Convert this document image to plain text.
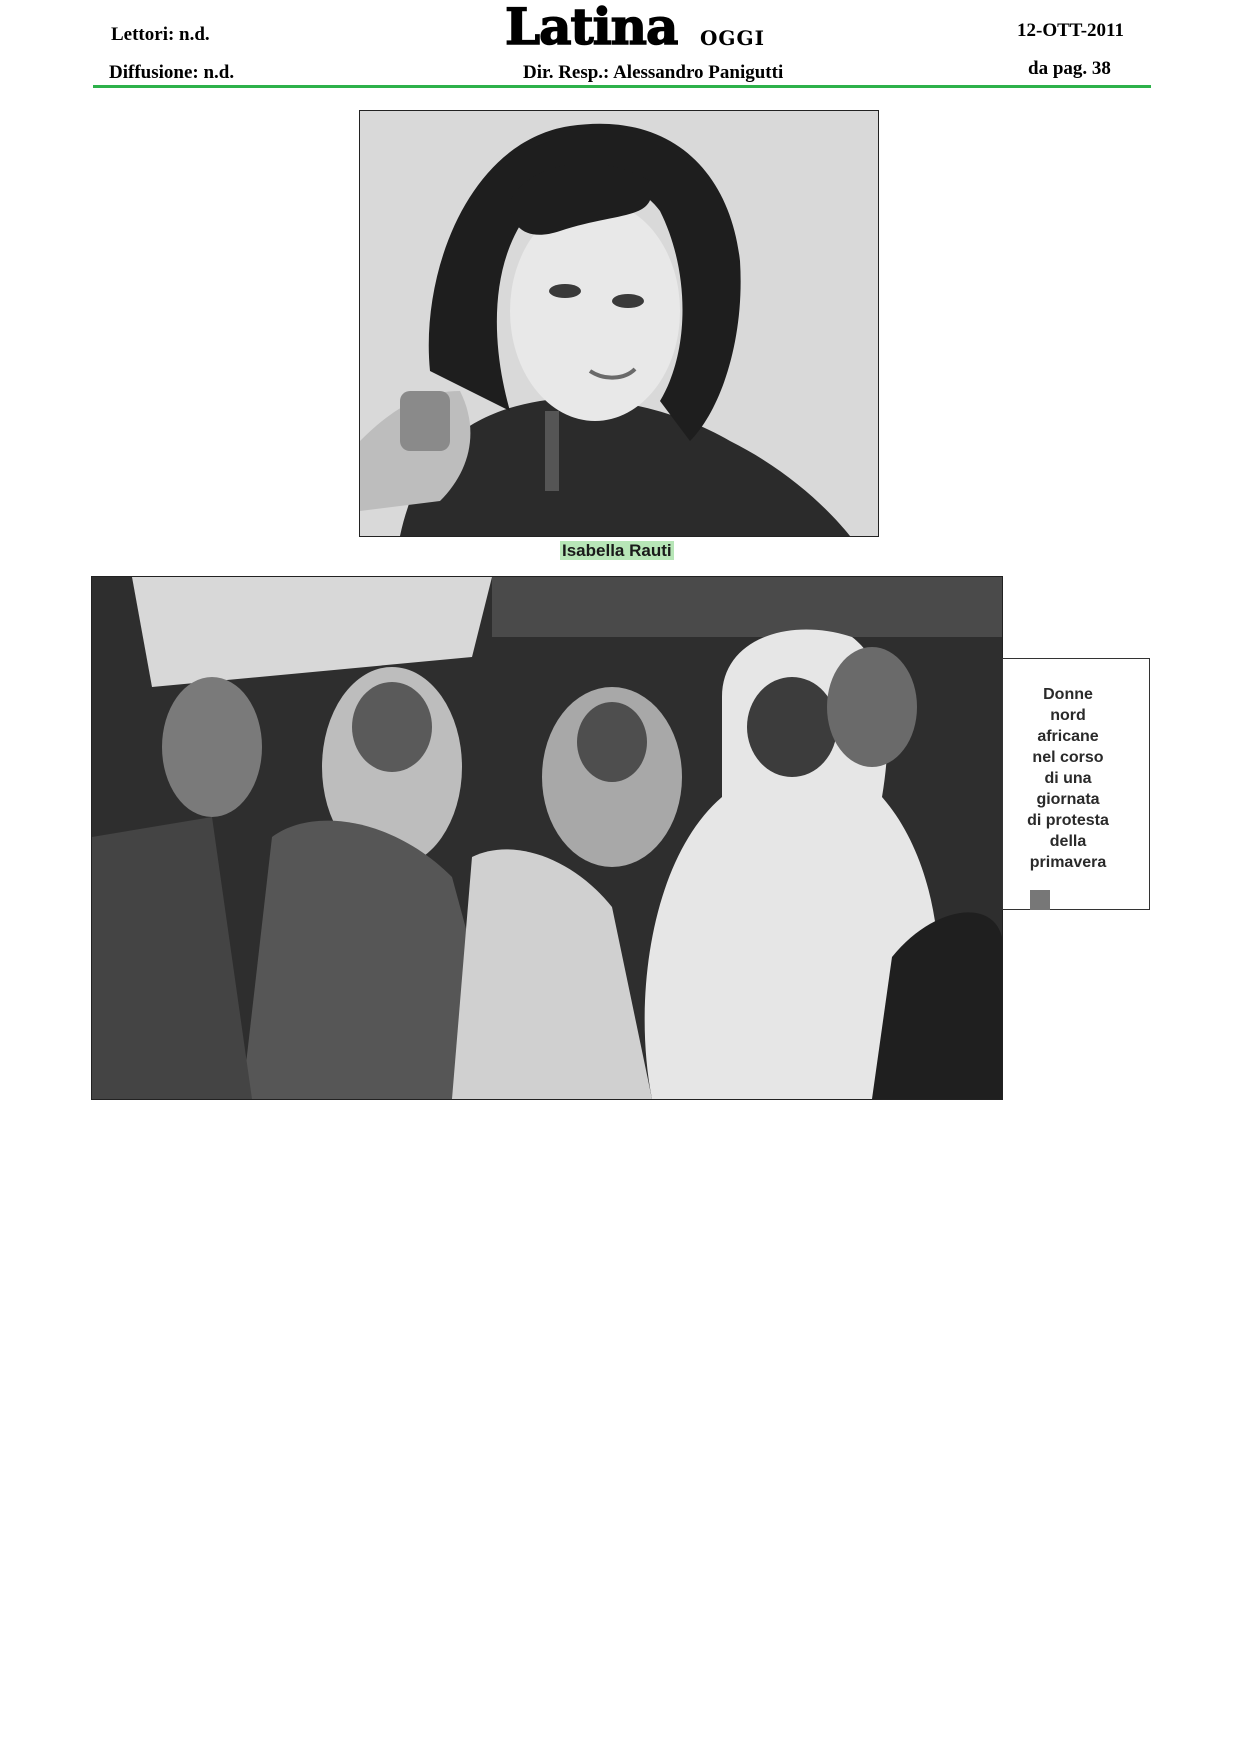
Lettori: n.d.
Diffusione: n.d.
Latina OGGI
Dir. Resp.: Alessandro Panigutti
12-OTT-2011
da pag. 38
Isabella Rauti
Donne
nord
africane
nel corso
di una
giornata
di protesta
della
primavera
